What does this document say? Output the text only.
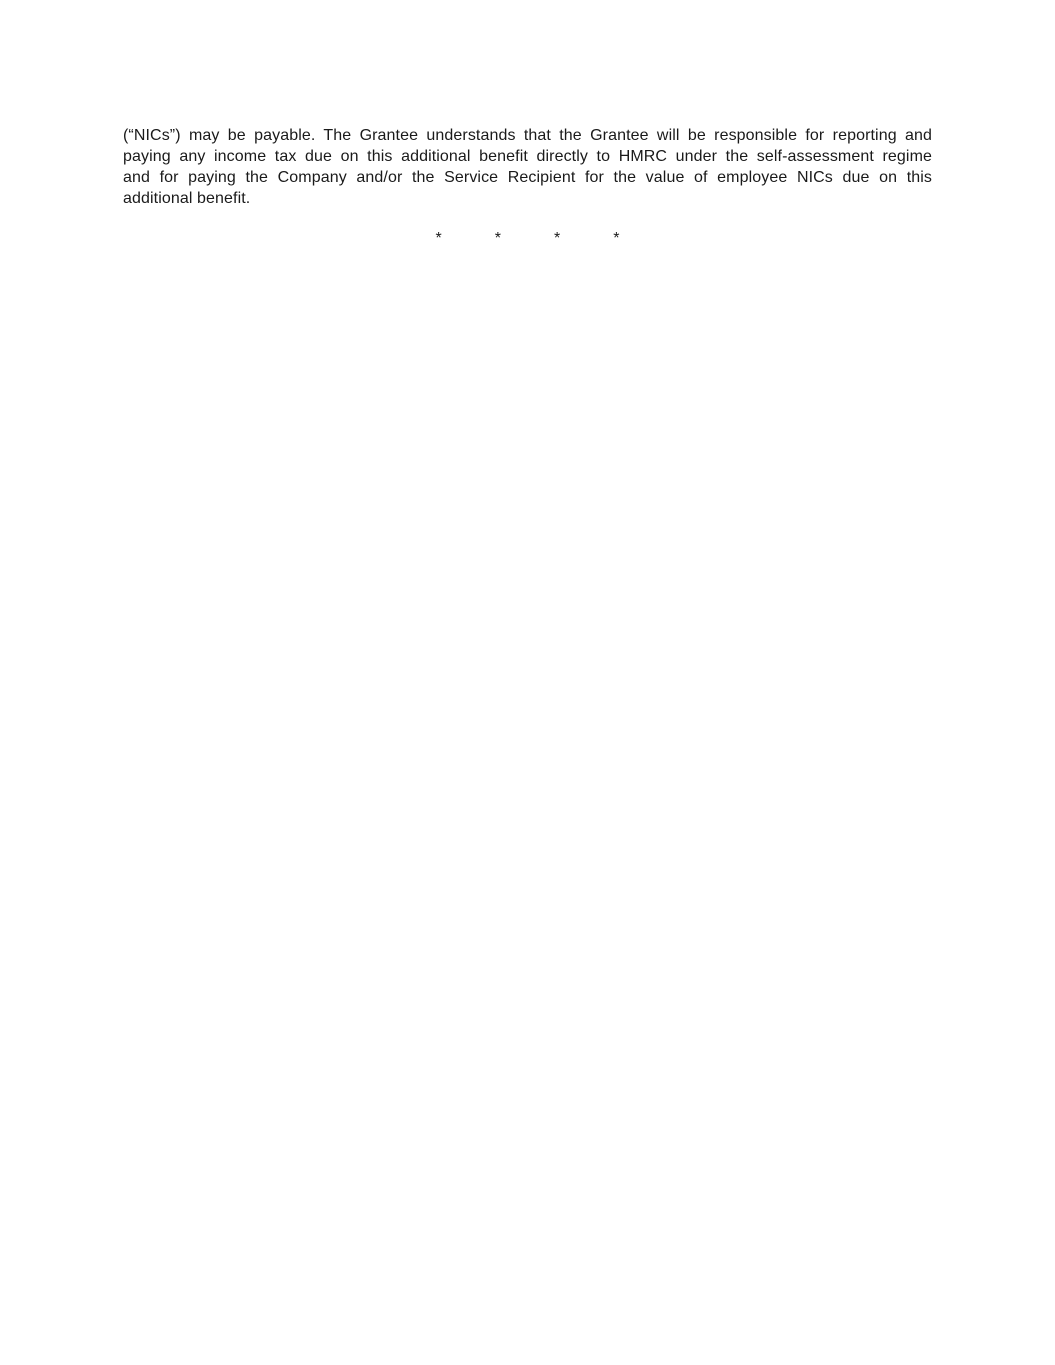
(“NICs”) may be payable. The Grantee understands that the Grantee will be responsible for reporting and
paying any income tax due on this additional benefit directly to HMRC under the self-assessment regime
and for paying the Company and/or the Service Recipient for the value of employee NICs due on this
additional benefit.
*	*	*	*
